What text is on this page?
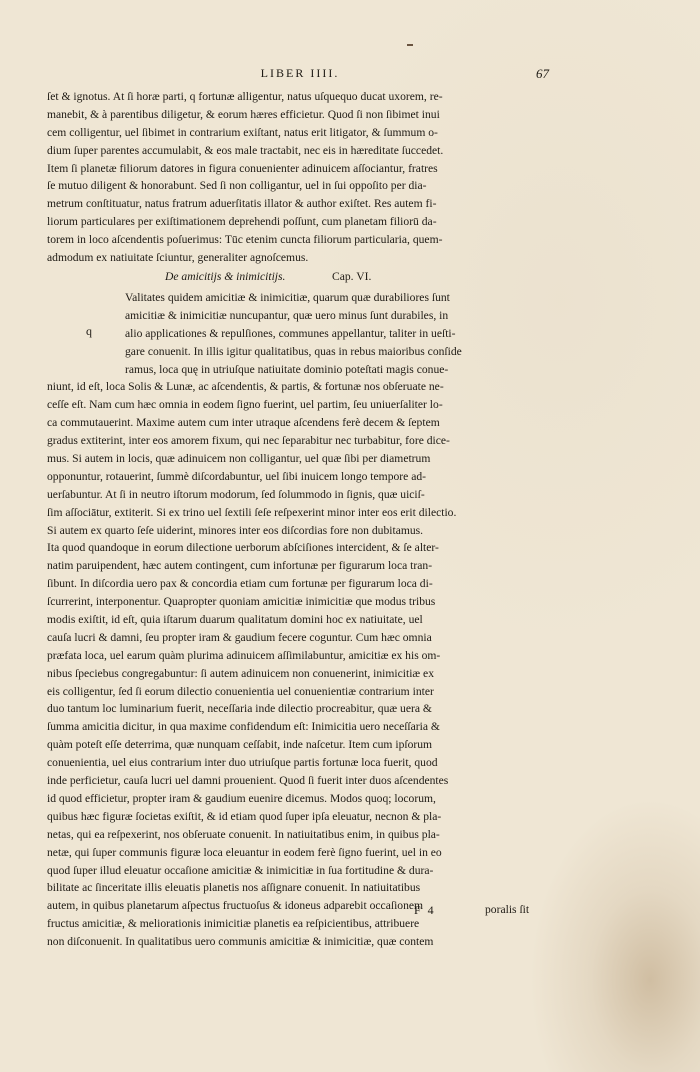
LIBER IIII.	67
ſet & ignotus. At ſi horæ parti, q fortunæ alligentur, natus uſquequo ducat uxorem, re-
manebit, & à parentibus diligetur, & eorum hæres efficietur. Quod ſi non ſibimet inui
cem colligentur, uel ſibimet in contrarium exiſtant, natus erit litigator, & ſummum o-
dium ſuper parentes accumulabit, & eos male tractabit, nec eis in hæreditate ſuccedet.
Item ſi planetæ filiorum datores in figura conuenienter adinuicem aſſociantur, fratres
ſe mutuo diligent & honorabunt. Sed ſi non colligantur, uel in ſui oppoſito per dia-
metrum conſtituatur, natus fratrum aduerſitatis illator & author exiſtet. Res autem fi-
liorum particulares per exiſtimationem deprehendi poſſunt, cum planetam filiorū da-
torem in loco aſcendentis poſuerimus: Tūc etenim cuncta filiorum particularia, quem-
admodum ex natiuitate ſciuntur, generaliter agnoſcemus.
De amicitijs & inimicitijs.	Cap. VI.
q
Valitates quidem amicitiæ & inimicitiæ, quarum quæ durabiliores ſunt
amicitiæ & inimicitiæ nuncupantur, quæ uero minus ſunt durabiles, in
alio applicationes & repulſiones, communes appellantur, taliter in ueſti-
gare conuenit. In illis igitur qualitatibus, quas in rebus maioribus conſide
ramus, loca quę in utriuſque natiuitate dominio poteſtati magis conue-
niunt, id eſt, loca Solis & Lunæ, ac aſcendentis, & partis, & fortunæ nos obſeruate ne-
ceſſe eſt. Nam cum hæc omnia in eodem ſigno fuerint, uel partim, ſeu uniuerſaliter lo-
ca commutauerint. Maxime autem cum inter utraque aſcendens ferè decem & ſeptem
gradus extiterint, inter eos amorem fixum, qui nec ſeparabitur nec turbabitur, fore dice-
mus. Si autem in locis, quæ adinuicem non colligantur, uel quæ ſibi per diametrum
opponuntur, rotauerint, ſummè diſcordabuntur, uel ſibi inuicem longo tempore ad-
uerſabuntur. At ſi in neutro iſtorum modorum, ſed ſolummodo in ſignis, quæ uiciſ-
ſim aſſociātur, extiterit. Si ex trino uel ſextili ſeſe reſpexerint minor inter eos erit dilectio.
Si autem ex quarto ſeſe uiderint, minores inter eos diſcordias fore non dubitamus.
Ita quod quandoque in eorum dilectione uerborum abſciſiones intercident, & ſe alter-
natim paruipendent, hæc autem contingent, cum infortunæ per figurarum loca tran-
ſibunt. In diſcordia uero pax & concordia etiam cum fortunæ per figurarum loca di-
ſcurrerint, interponentur. Quapropter quoniam amicitiæ inimicitiæ que modus tribus
modis exiſtit, id eſt, quia iſtarum duarum qualitatum domini hoc ex natiuitate, uel
cauſa lucri & damni, ſeu propter iram & gaudium fecere coguntur. Cum hæc omnia
præfata loca, uel earum quàm plurima adinuicem aſſimilabuntur, amicitiæ ex his om-
nibus ſpeciebus congregabuntur: ſi autem adinuicem non conuenerint, inimicitiæ ex
eis colligentur, ſed ſi eorum dilectio conuenientia uel conuenientiæ contrarium inter
duo tantum loc luminarium fuerit, neceſſaria inde dilectio procreabitur, quæ uera &
ſumma amicitia dicitur, in qua maxime confidendum eſt: Inimicitia uero neceſſaria &
quàm poteſt eſſe deterrima, quæ nunquam ceſſabit, inde naſcetur. Item cum ipſorum
conuenientia, uel eius contrarium inter duo utriuſque partis fortunæ loca fuerit, quod
inde perficietur, cauſa lucri uel damni prouenient. Quod ſi fuerit inter duos aſcendentes
id quod efficietur, propter iram & gaudium euenire dicemus. Modos quoq; locorum,
quibus hæc figuræ ſocietas exiſtit, & id etiam quod ſuper ipſa eleuatur, necnon & pla-
netas, qui ea reſpexerint, nos obſeruate conuenit. In natiuitatibus enim, in quibus pla-
netæ, qui ſuper communis figuræ loca eleuantur in eodem ferè ſigno fuerint, uel in eo
quod ſuper illud eleuatur occaſione amicitiæ & inimicitiæ in ſua fortitudine & dura-
bilitate ac ſinceritate illis eleuatis planetis nos aſſignare conuenit. In natiuitatibus
autem, in quibus planetarum aſpectus fructuoſus & idoneus adparebit occaſionem
fructus amicitiæ, & meliorationis inimicitiæ planetis ea reſpicientibus, attribuere
non diſconuenit. In qualitatibus uero communis amicitiæ & inimicitiæ, quæ contem
F 4	poralis ſit
